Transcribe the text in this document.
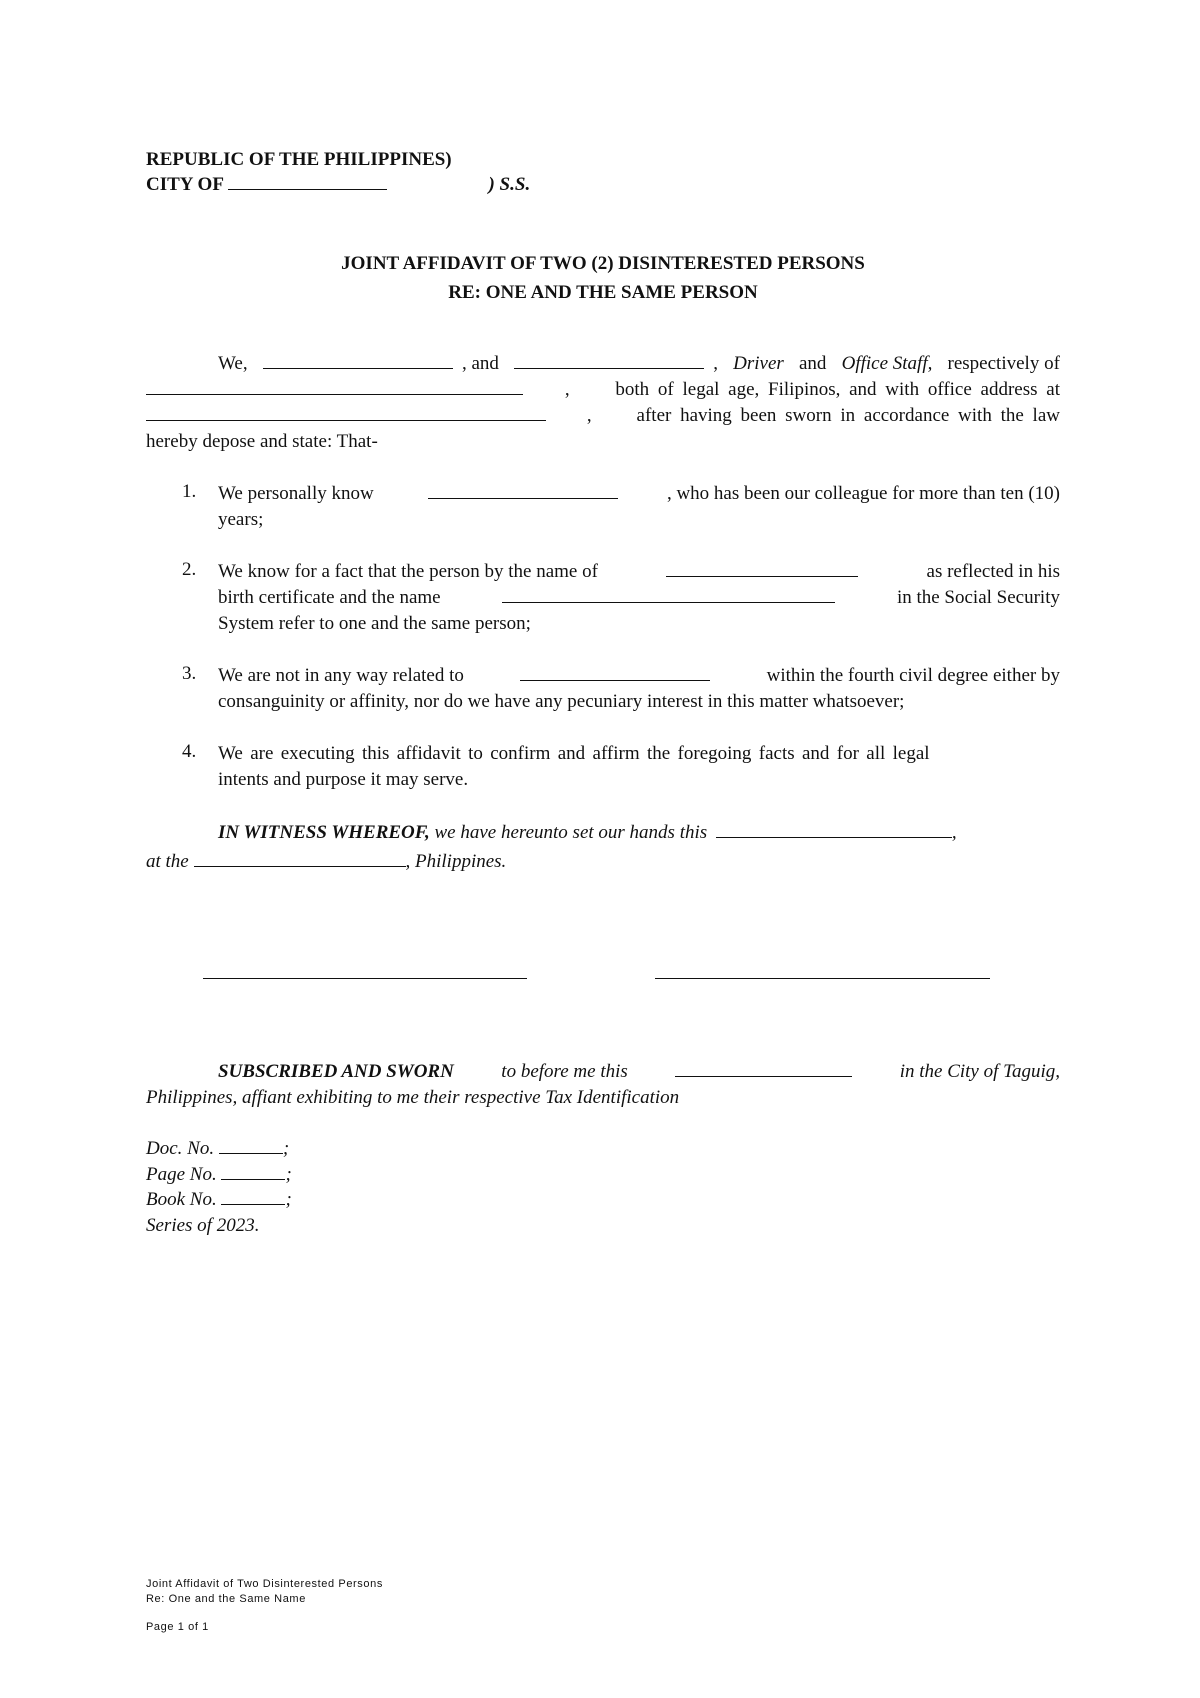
REPUBLIC OF THE PHILIPPINES)
CITY OF	) S.S.
JOINT AFFIDAVIT OF TWO (2) DISINTERESTED PERSONS
RE: ONE AND THE SAME PERSON
We,	, and	, Driver and Office Staff, respectively of
, both of legal age, Filipinos, and with office address at
, after having been sworn in accordance with the law
hereby depose and state: That-
1. We personally know	, who has been our colleague for more than ten (10)
years;
2. We know for a fact that the person by the name of	as reflected in his
birth certificate and the name	in the Social Security
System refer to one and the same person;
3. We are not in any way related to	within the fourth civil degree either by
consanguinity or affinity, nor do we have any pecuniary interest in this matter whatsoever;
4. We are executing this affidavit to confirm and affirm the foregoing facts and for all legal
intents and purpose it may serve.
IN WITNESS WHEREOF, we have hereunto set our hands this	,
at the	, Philippines.
SUBSCRIBED AND SWORN to before me this	in the City of Taguig,
Philippines, affiant exhibiting to me their respective Tax Identification
Doc. No.	;
Page No.	;
Book No.	;
Series of 2023.
Joint Affidavit of Two Disinterested Persons
Re: One and the Same Name
Page 1 of 1
